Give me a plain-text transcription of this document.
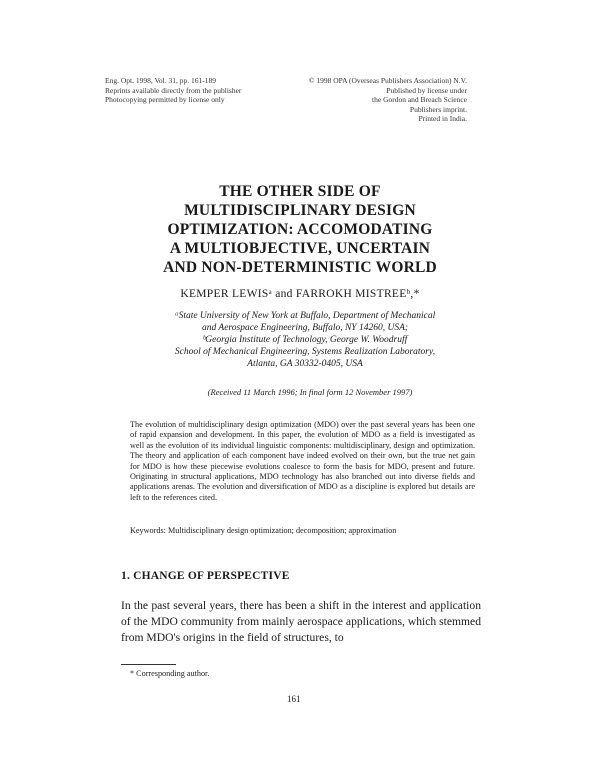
Eng. Opt. 1998, Vol. 31, pp. 161-189
Reprints available directly from the publisher
Photocopying permitted by license only
© 1998 OPA (Overseas Publishers Association) N.V.
Published by license under
the Gordon and Breach Science
Publishers imprint.
Printed in India.
THE OTHER SIDE OF
MULTIDISCIPLINARY DESIGN
OPTIMIZATION: ACCOMODATING
A MULTIOBJECTIVE, UNCERTAIN
AND NON-DETERMINISTIC WORLD
KEMPER LEWISᵃ and FARROKH MISTREEᵇ,*
ᵃState University of New York at Buffalo, Department of Mechanical
and Aerospace Engineering, Buffalo, NY 14260, USA;
ᵇGeorgia Institute of Technology, George W. Woodruff
School of Mechanical Engineering, Systems Realization Laboratory,
Atlanta, GA 30332-0405, USA
(Received 11 March 1996; In final form 12 November 1997)
The evolution of multidisciplinary design optimization (MDO) over the past several years has been one of rapid expansion and development. In this paper, the evolution of MDO as a field is investigated as well as the evolution of its individual linguistic components: multidisciplinary, design and optimization. The theory and application of each component have indeed evolved on their own, but the true net gain for MDO is how these piecewise evolutions coalesce to form the basis for MDO, present and future. Originating in structural applications, MDO technology has also branched out into diverse fields and applications arenas. The evolution and diversification of MDO as a discipline is explored but details are left to the references cited.
Keywords: Multidisciplinary design optimization; decomposition; approximation
1. CHANGE OF PERSPECTIVE
In the past several years, there has been a shift in the interest and application of the MDO community from mainly aerospace applications, which stemmed from MDO's origins in the field of structures, to
* Corresponding author.
161
